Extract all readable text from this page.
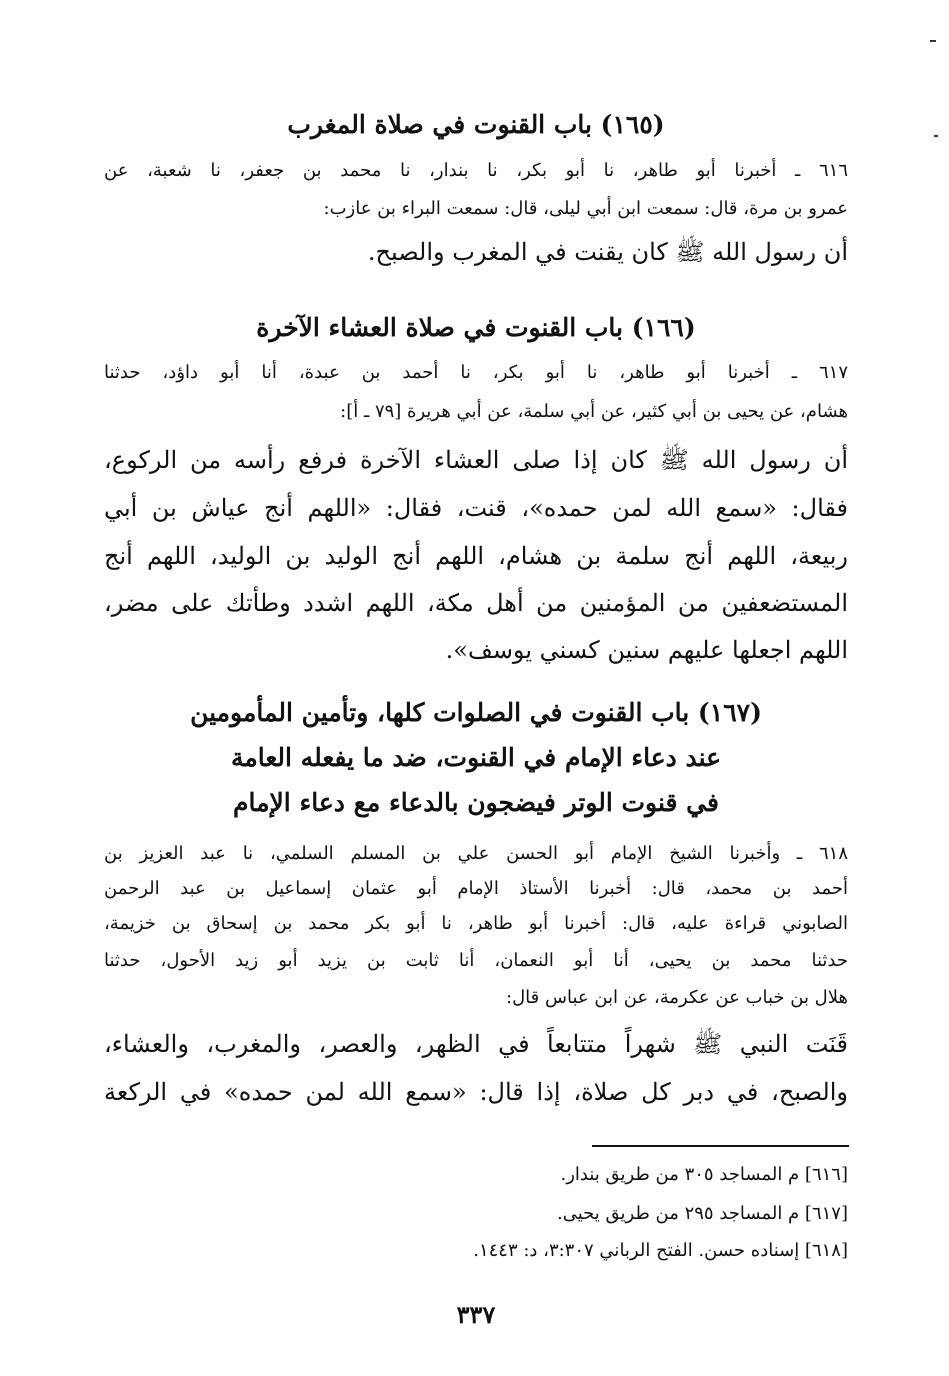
(١٦٥) باب القنوت في صلاة المغرب
٦١٦ ـ أخبرنا أبو طاهر، نا أبو بكر، نا بندار، نا محمد بن جعفر، نا شعبة، عن
عمرو بن مرة، قال: سمعت ابن أبي ليلى، قال: سمعت البراء بن عازب:
أن رسول الله ﷺ كان يقنت في المغرب والصبح.
(١٦٦) باب القنوت في صلاة العشاء الآخرة
٦١٧ ـ أخبرنا أبو طاهر، نا أبو بكر، نا أحمد بن عبدة، أنا أبو داؤد، حدثنا
هشام، عن يحيى بن أبي كثير، عن أبي سلمة، عن أبي هريرة [٧٩ ـ أ]:
أن رسول الله ﷺ كان إذا صلى العشاء الآخرة فرفع رأسه من الركوع،
فقال: «سمع الله لمن حمده»، قنت، فقال: «اللهم أنج عياش بن أبي
ربيعة، اللهم أنج سلمة بن هشام، اللهم أنج الوليد بن الوليد، اللهم أنج
المستضعفين من المؤمنين من أهل مكة، اللهم اشدد وطأتك على مضر،
اللهم اجعلها عليهم سنين كسني يوسف».
(١٦٧) باب القنوت في الصلوات كلها، وتأمين المأمومين
عند دعاء الإمام في القنوت، ضد ما يفعله العامة
في قنوت الوتر فيضجون بالدعاء مع دعاء الإمام
٦١٨ ـ وأخبرنا الشيخ الإمام أبو الحسن علي بن المسلم السلمي، نا عبد العزيز بن
أحمد بن محمد، قال: أخبرنا الأستاذ الإمام أبو عثمان إسماعيل بن عبد الرحمن
الصابوني قراءة عليه، قال: أخبرنا أبو طاهر، نا أبو بكر محمد بن إسحاق بن خزيمة،
حدثنا محمد بن يحيى، أنا أبو النعمان، أنا ثابت بن يزيد أبو زيد الأحول، حدثنا
هلال بن خباب عن عكرمة، عن ابن عباس قال:
قَنَت النبي ﷺ شهراً متتابعاً في الظهر، والعصر، والمغرب، والعشاء،
والصبح، في دبر كل صلاة، إذا قال: «سمع الله لمن حمده» في الركعة
[٦١٦] م المساجد ٣٠٥ من طريق بندار.
[٦١٧] م المساجد ٢٩٥ من طريق يحيى.
[٦١٨] إسناده حسن. الفتح الرباني ٣:٣٠٧، د: ١٤٤٣.
٣٣٧
